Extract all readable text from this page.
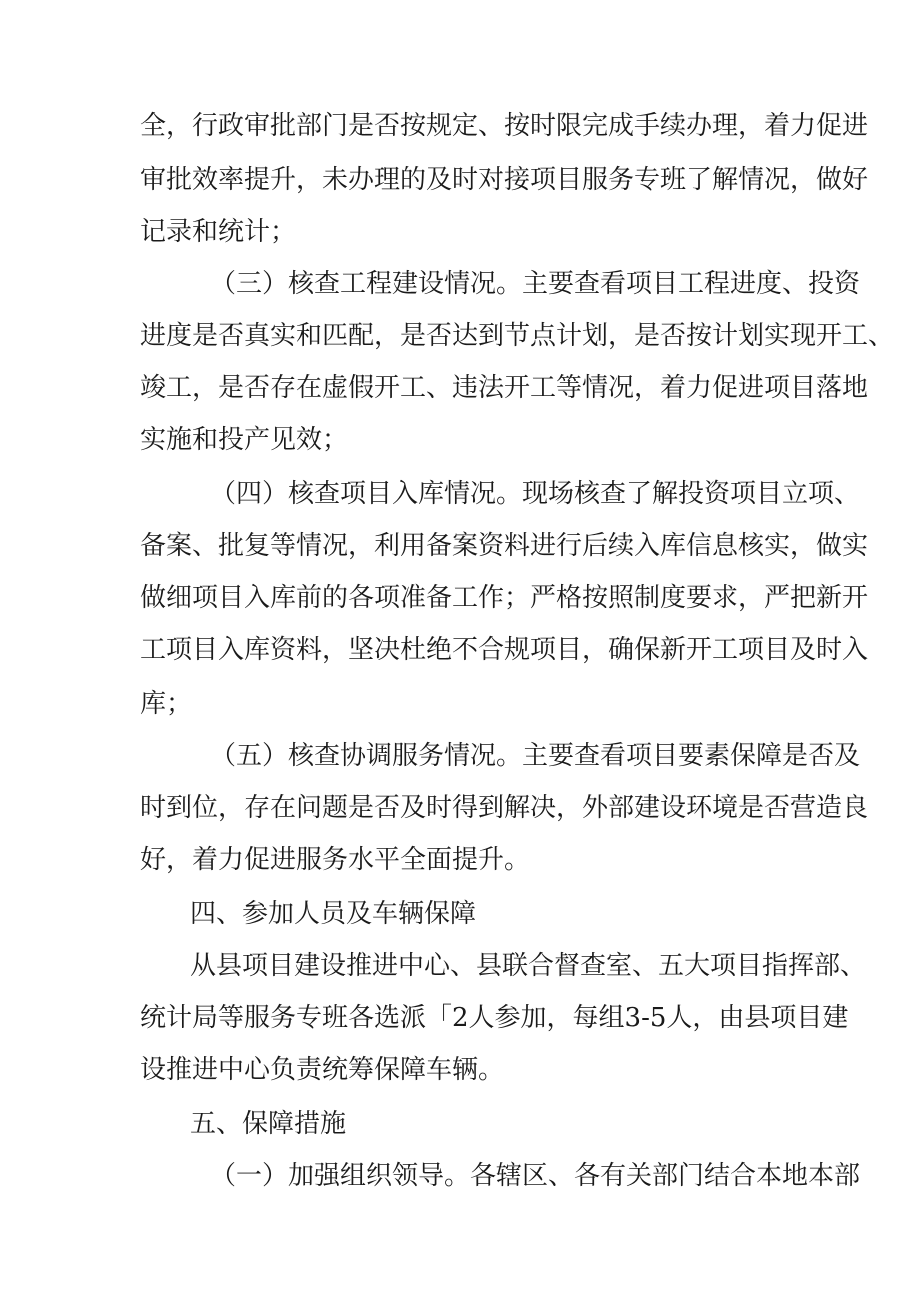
全，行政审批部门是否按规定、按时限完成手续办理，着力促进
审批效率提升，未办理的及时对接项目服务专班了解情况，做好
记录和统计；
（三）核查工程建设情况。主要查看项目工程进度、投资
进度是否真实和匹配，是否达到节点计划，是否按计划实现开工、
竣工，是否存在虚假开工、违法开工等情况，着力促进项目落地
实施和投产见效；
（四）核查项目入库情况。现场核查了解投资项目立项、
备案、批复等情况，利用备案资料进行后续入库信息核实，做实
做细项目入库前的各项准备工作；严格按照制度要求，严把新开
工项目入库资料，坚决杜绝不合规项目，确保新开工项目及时入
库；
（五）核查协调服务情况。主要查看项目要素保障是否及
时到位，存在问题是否及时得到解决，外部建设环境是否营造良
好，着力促进服务水平全面提升。
四、参加人员及车辆保障
从县项目建设推进中心、县联合督查室、五大项目指挥部、
统计局等服务专班各选派「2人参加，每组3-5人，由县项目建
设推进中心负责统筹保障车辆。
五、保障措施
（一）加强组织领导。各辖区、各有关部门结合本地本部
